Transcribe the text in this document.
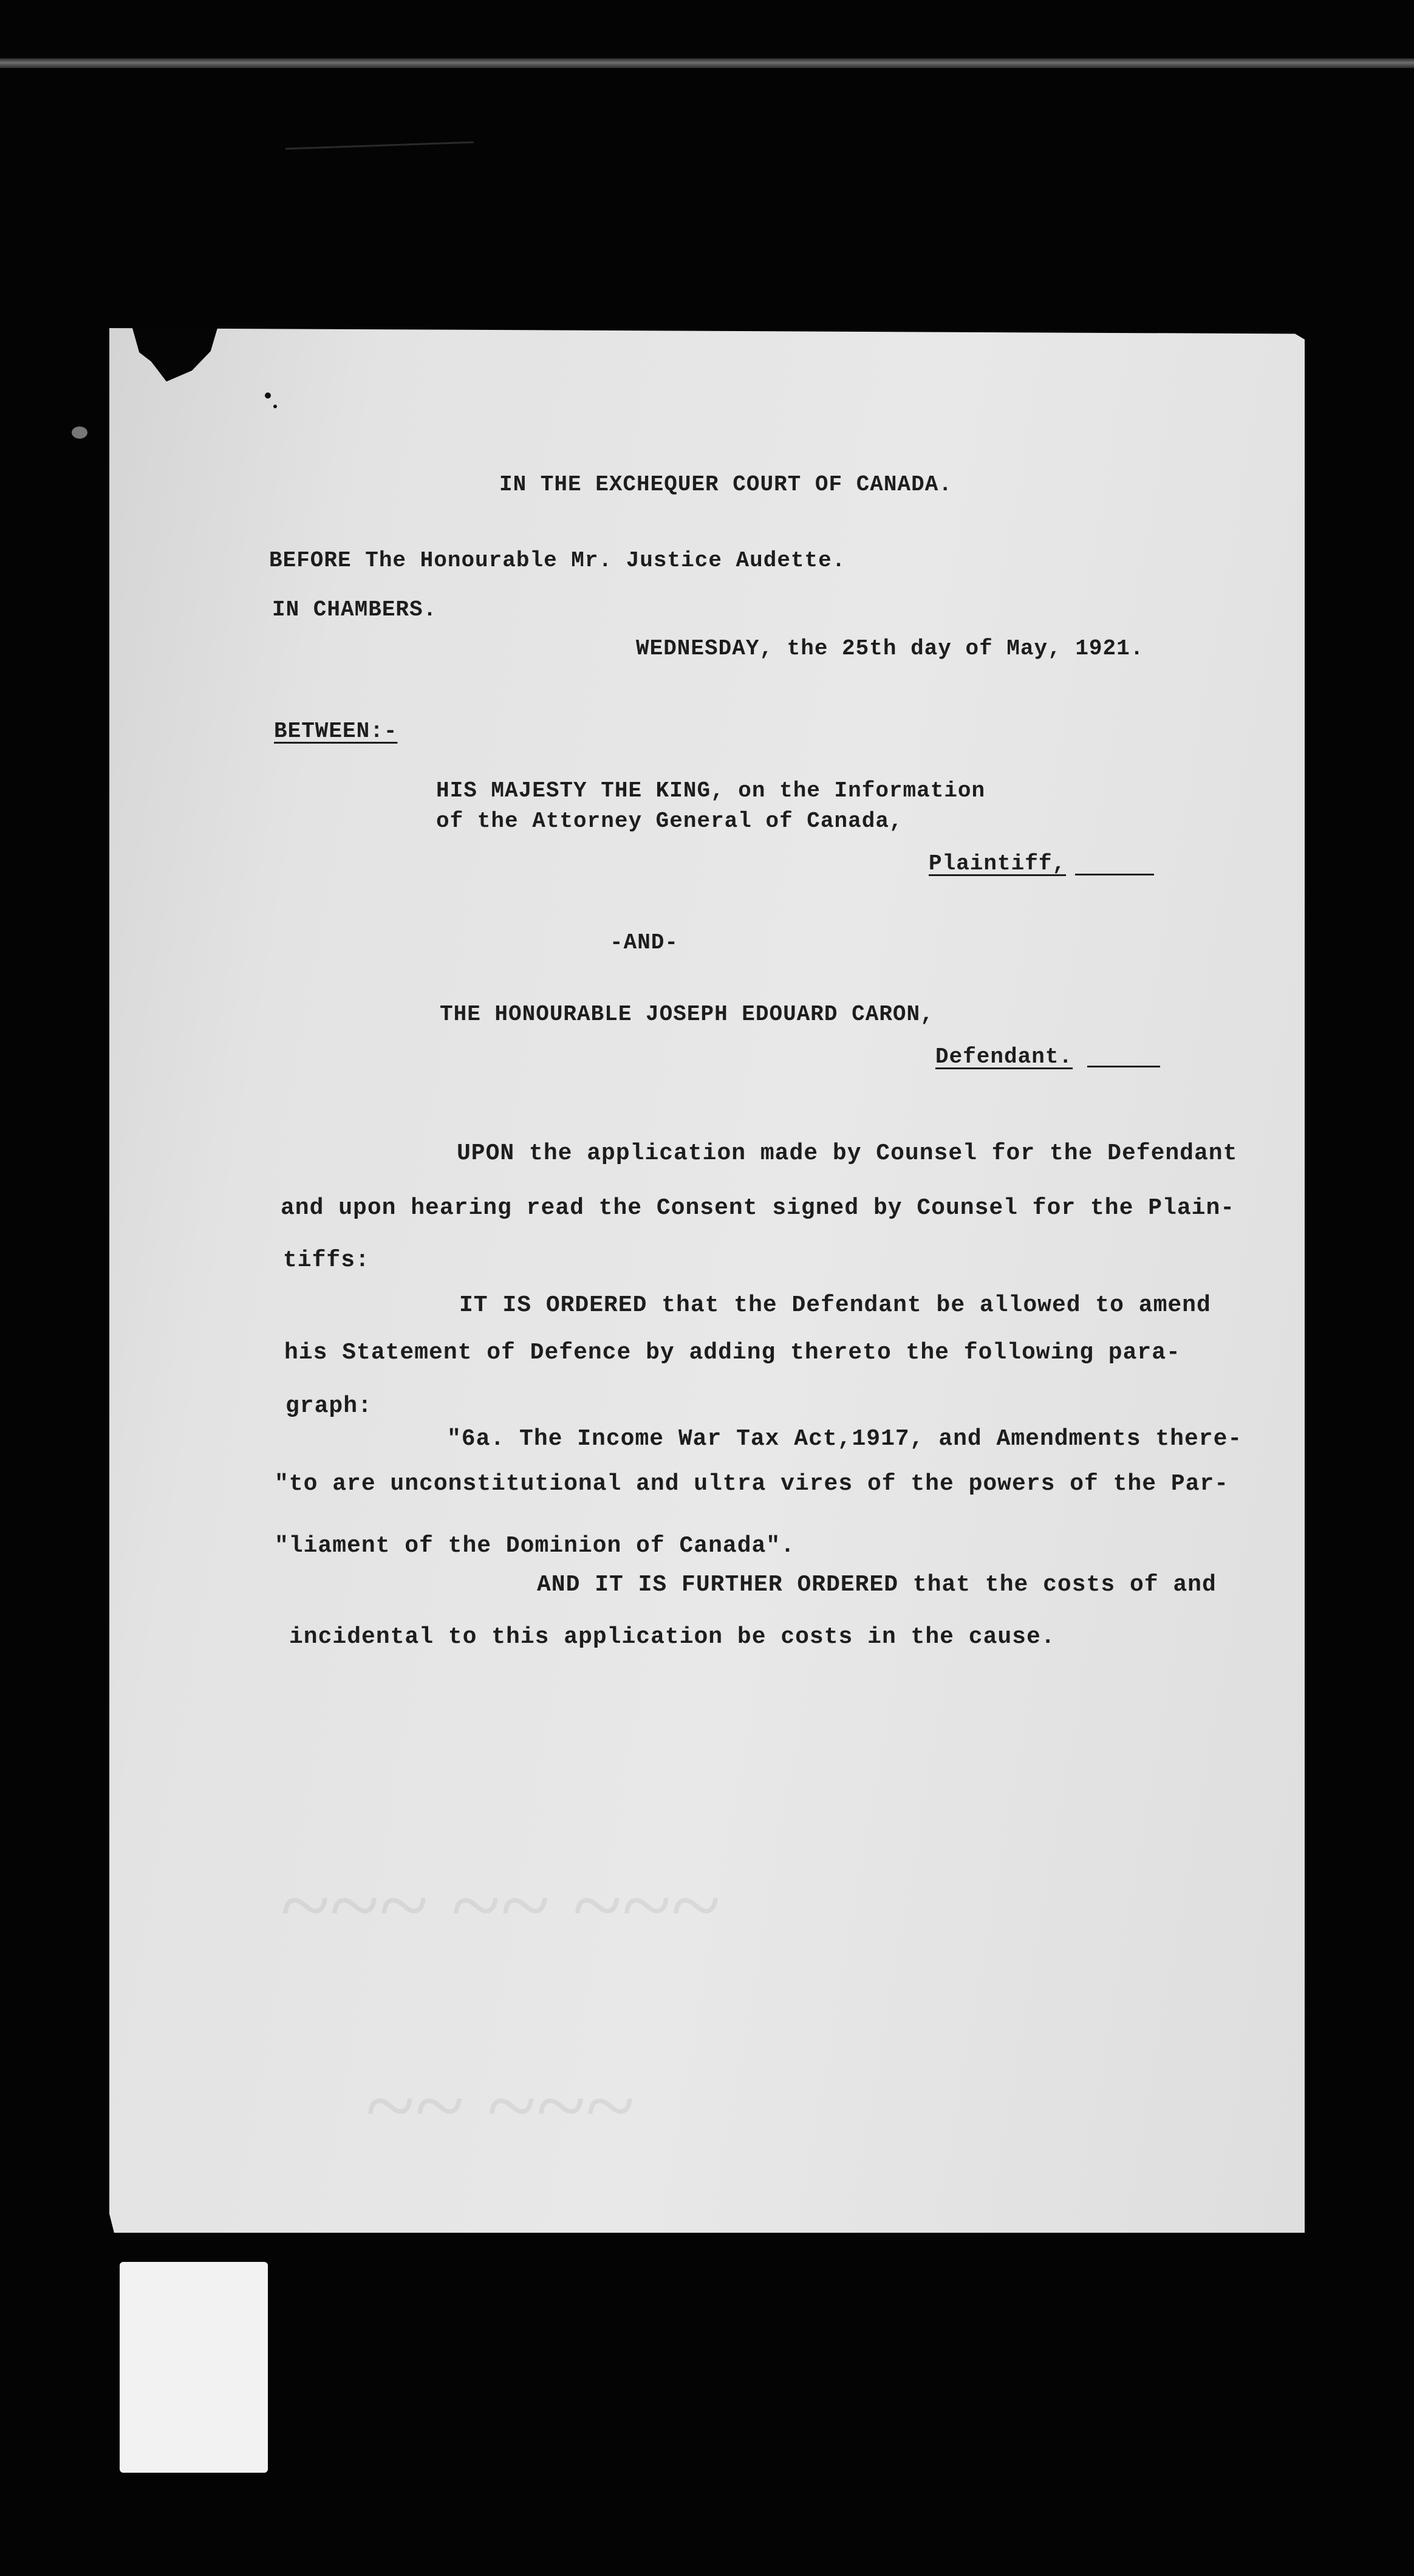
~~~ ~~ ~~~
~~ ~~~
IN THE EXCHEQUER COURT OF CANADA.
BEFORE The Honourable Mr. Justice Audette.
IN CHAMBERS.
WEDNESDAY, the 25th day of May, 1921.
BETWEEN:-
HIS MAJESTY THE KING, on the Information
of the Attorney General of Canada,
Plaintiff,
-AND-
THE HONOURABLE JOSEPH EDOUARD CARON,
Defendant.
UPON the application made by Counsel for the Defendant
and upon hearing read the Consent signed by Counsel for the Plain-
tiffs:
IT IS ORDERED that the Defendant be allowed to amend
his Statement of Defence by adding thereto the following para-
graph:
"6a. The Income War Tax Act,1917, and Amendments there-
"to are unconstitutional and ultra vires of the powers of the Par-
"liament of the Dominion of Canada".
AND IT IS FURTHER ORDERED that the costs of and
incidental to this application be costs in the cause.
